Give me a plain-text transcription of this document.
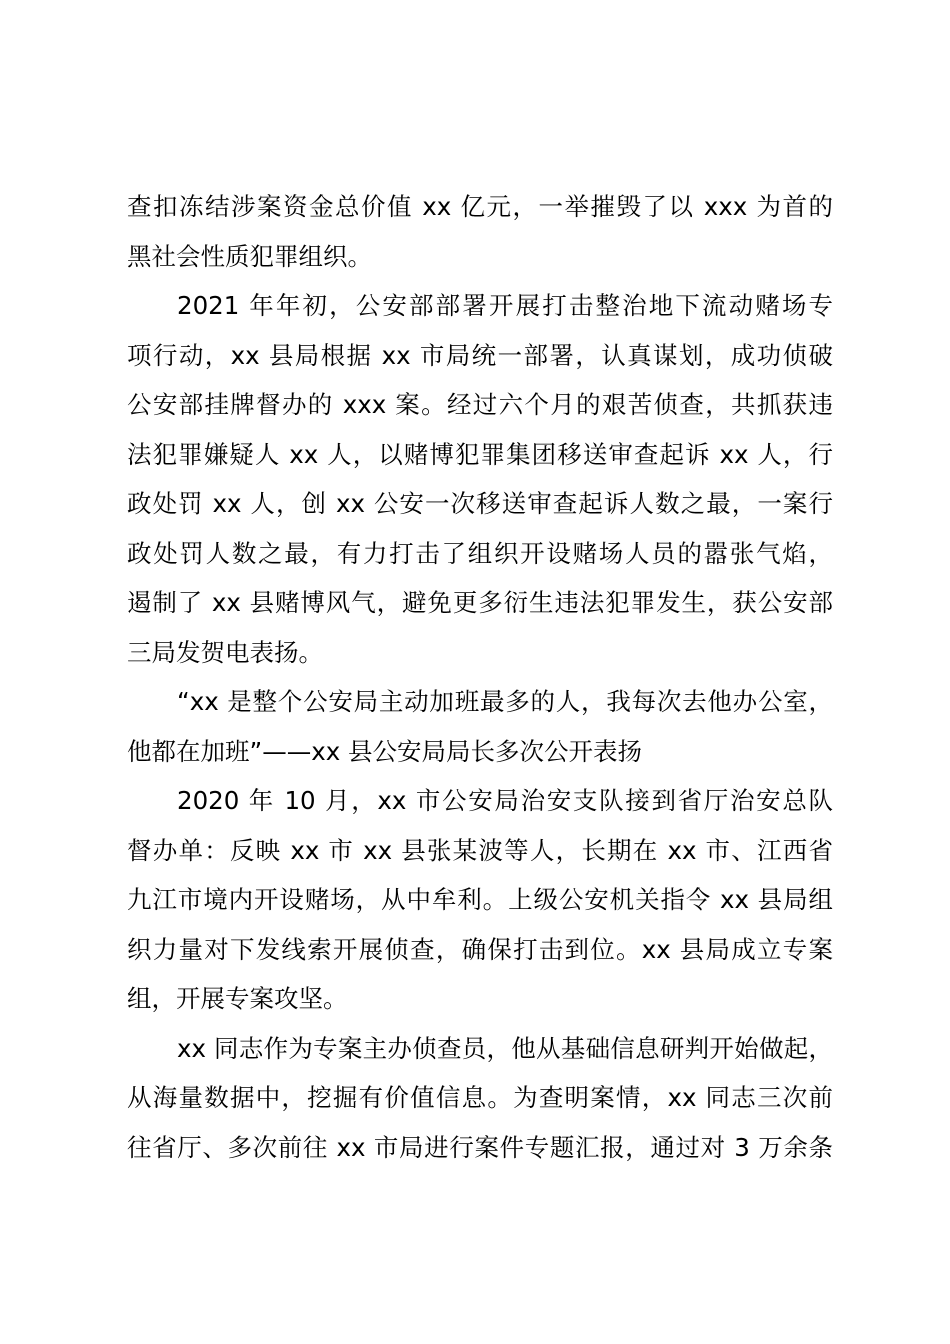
查扣冻结涉案资金总价值 xx 亿元，一举摧毁了以 xxx 为首的
黑社会性质犯罪组织。
2021 年年初，公安部部署开展打击整治地下流动赌场专
项行动，xx 县局根据 xx 市局统一部署，认真谋划，成功侦破
公安部挂牌督办的 xxx 案。经过六个月的艰苦侦查，共抓获违
法犯罪嫌疑人 xx 人，以赌博犯罪集团移送审查起诉 xx 人，行
政处罚 xx 人，创 xx 公安一次移送审查起诉人数之最，一案行
政处罚人数之最，有力打击了组织开设赌场人员的嚣张气焰，
遏制了 xx 县赌博风气，避免更多衍生违法犯罪发生，获公安部
三局发贺电表扬。
“xx 是整个公安局主动加班最多的人，我每次去他办公室，
他都在加班”——xx 县公安局局长多次公开表扬
2020 年 10 月，xx 市公安局治安支队接到省厅治安总队
督办单：反映 xx 市 xx 县张某波等人，长期在 xx 市、江西省
九江市境内开设赌场，从中牟利。上级公安机关指令 xx 县局组
织力量对下发线索开展侦查，确保打击到位。xx 县局成立专案
组，开展专案攻坚。
xx 同志作为专案主办侦查员，他从基础信息研判开始做起，
从海量数据中，挖掘有价值信息。为查明案情，xx 同志三次前
往省厅、多次前往 xx 市局进行案件专题汇报，通过对 3 万余条
